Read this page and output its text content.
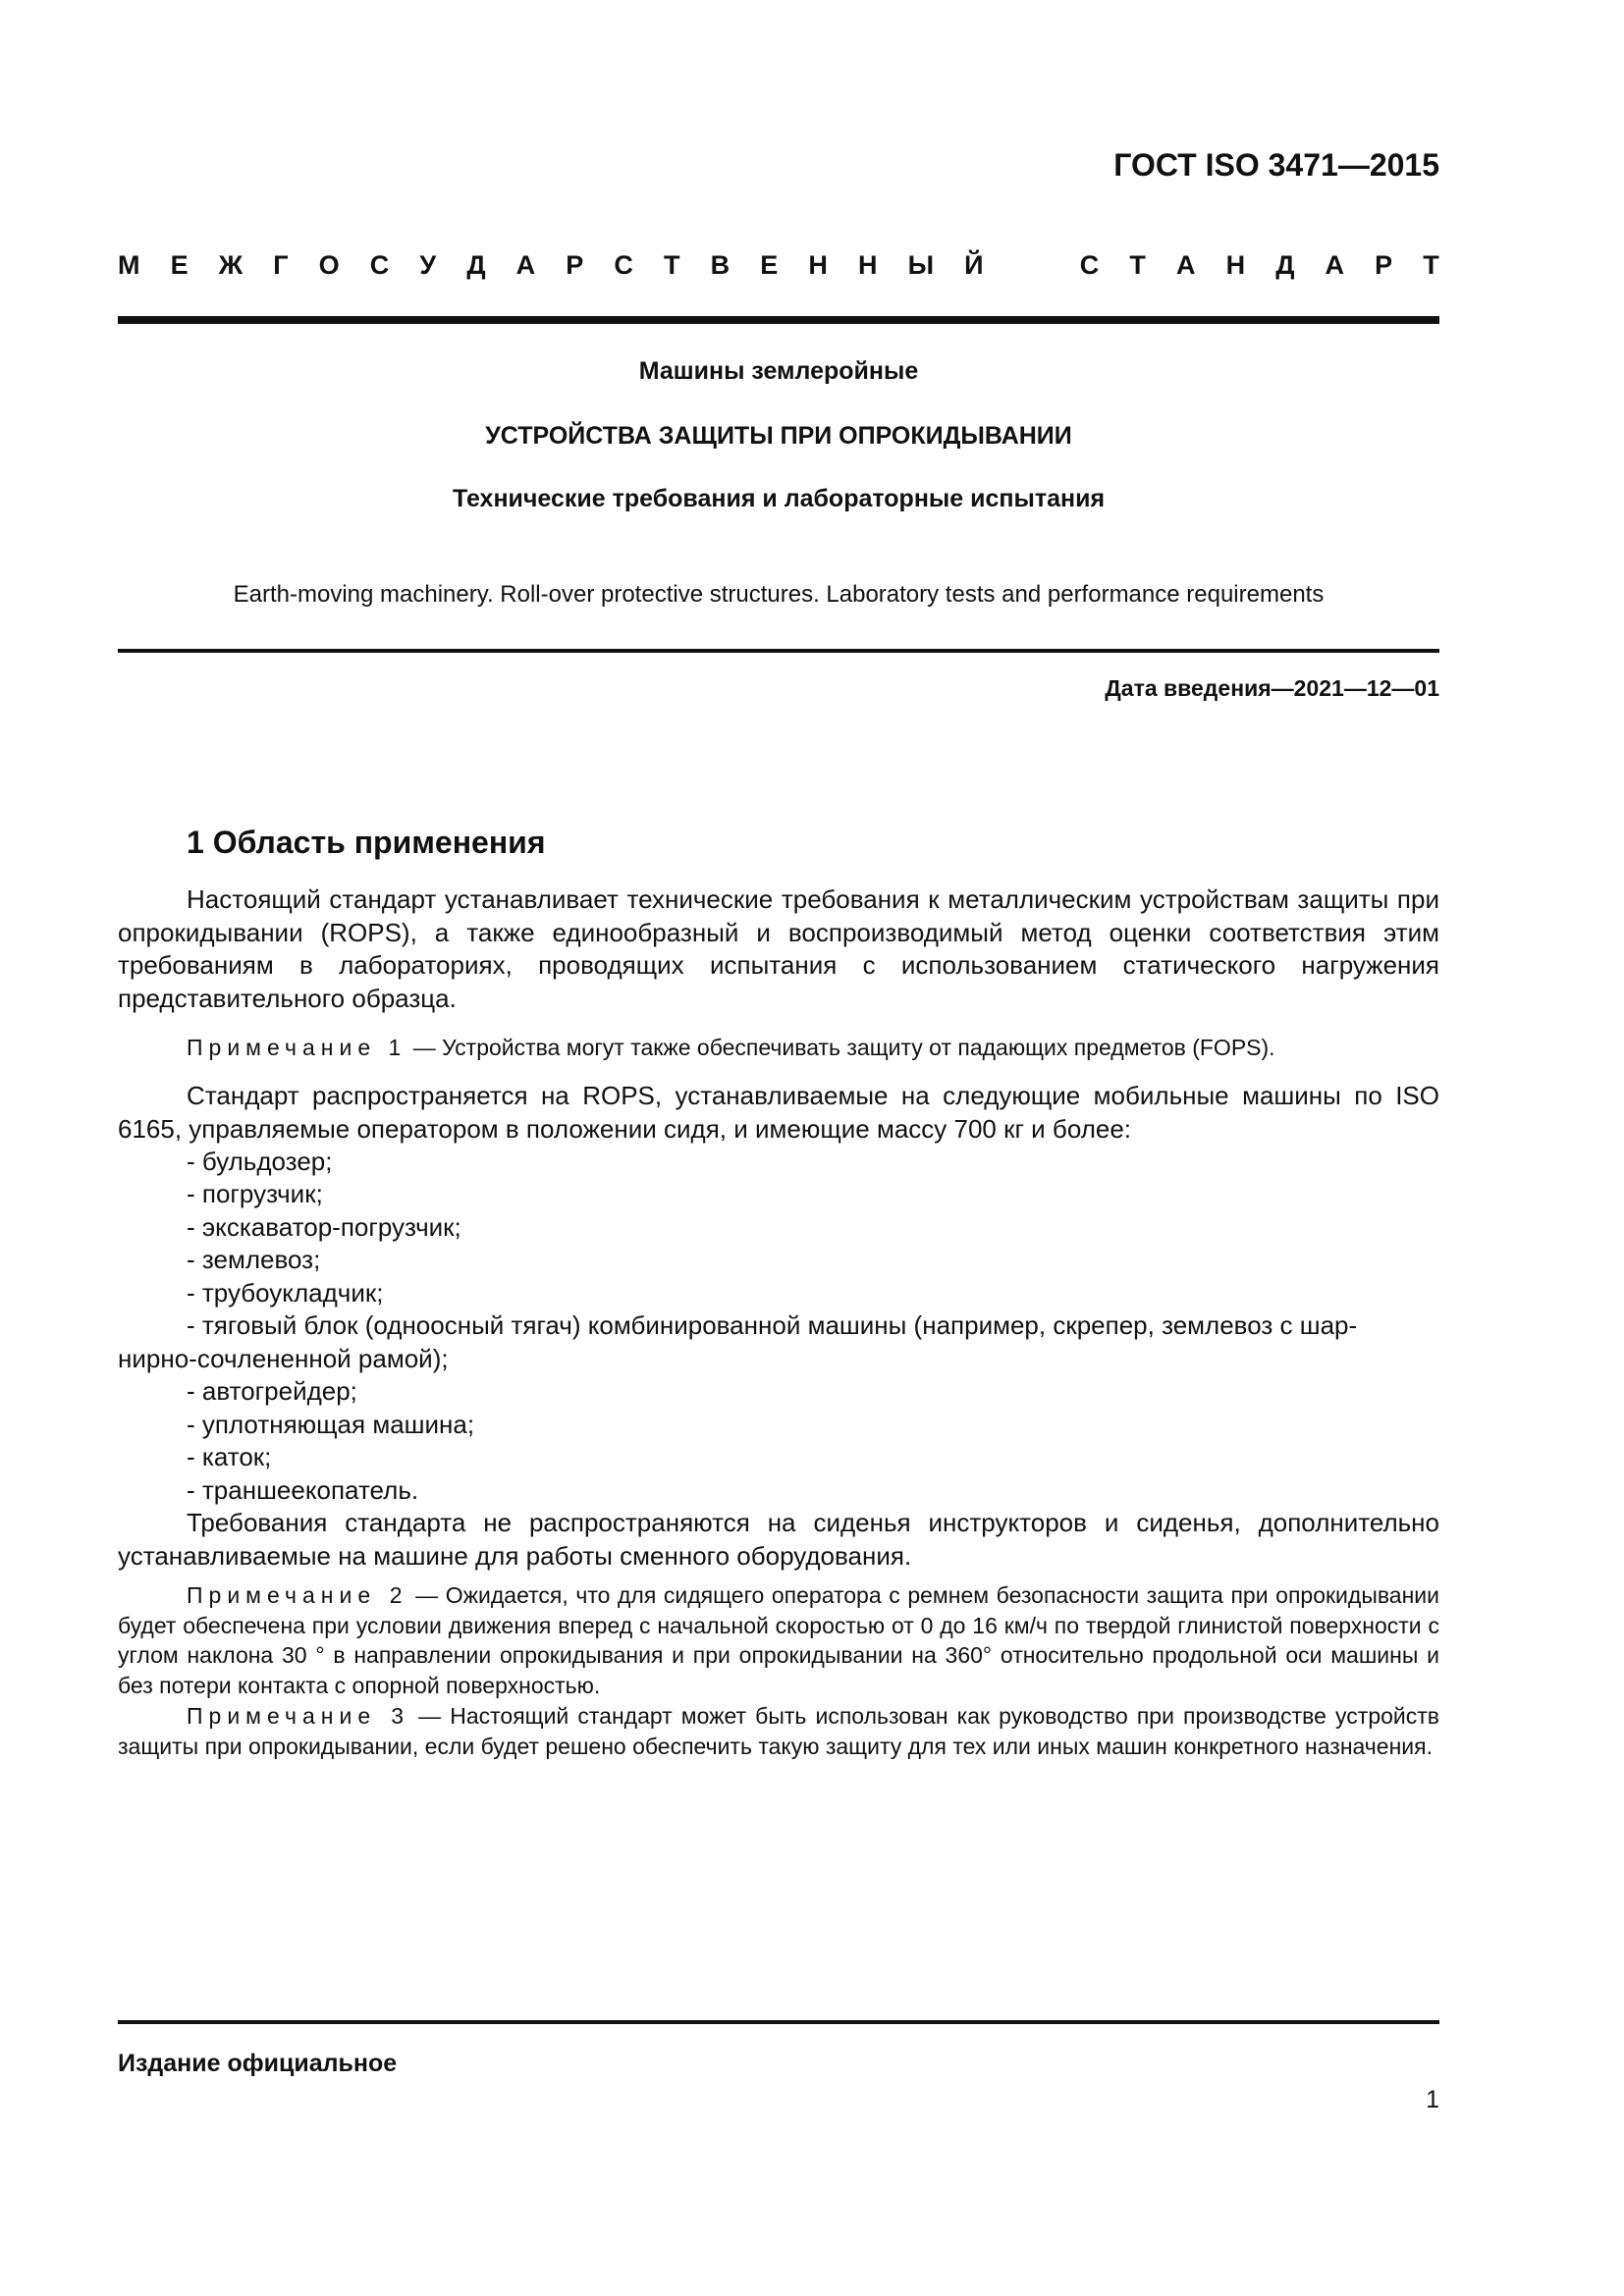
ГОСТ ISO 3471—2015
М Е Ж Г О С У Д А Р С Т В Е Н Н Ы Й	С Т А Н Д А Р Т
Машины землеройные
УСТРОЙСТВА ЗАЩИТЫ ПРИ ОПРОКИДЫВАНИИ
Технические требования и лабораторные испытания
Earth-moving machinery. Roll-over protective structures. Laboratory tests and performance requirements
Дата введения—2021—12—01
1 Область применения
Настоящий стандарт устанавливает технические требования к металлическим устройствам защиты при опрокидывании (ROPS), а также единообразный и воспроизводимый метод оценки соответствия этим требованиям в лабораториях, проводящих испытания с использованием статического нагружения представительного образца.
Примечание 1 — Устройства могут также обеспечивать защиту от падающих предметов (FOPS).
Стандарт распространяется на ROPS, устанавливаемые на следующие мобильные машины по ISO 6165, управляемые оператором в положении сидя, и имеющие массу 700 кг и более:
- бульдозер;
- погрузчик;
- экскаватор-погрузчик;
- землевоз;
- трубоукладчик;
- тяговый блок (одноосный тягач) комбинированной машины (например, скрепер, землевоз с шар-
нирно-сочлененной рамой);
- автогрейдер;
- уплотняющая машина;
- каток;
- траншеекопатель.
Требования стандарта не распространяются на сиденья инструкторов и сиденья, дополнительно устанавливаемые на машине для работы сменного оборудования.
Примечание 2 — Ожидается, что для сидящего оператора с ремнем безопасности защита при опрокидывании будет обеспечена при условии движения вперед с начальной скоростью от 0 до 16 км/ч по твердой глинистой поверхности с углом наклона 30 ° в направлении опрокидывания и при опрокидывании на 360° относительно продольной оси машины и без потери контакта с опорной поверхностью.
Примечание 3 — Настоящий стандарт может быть использован как руководство при производстве устройств защиты при опрокидывании, если будет решено обеспечить такую защиту для тех или иных машин конкретного назначения.
Издание официальное
1
